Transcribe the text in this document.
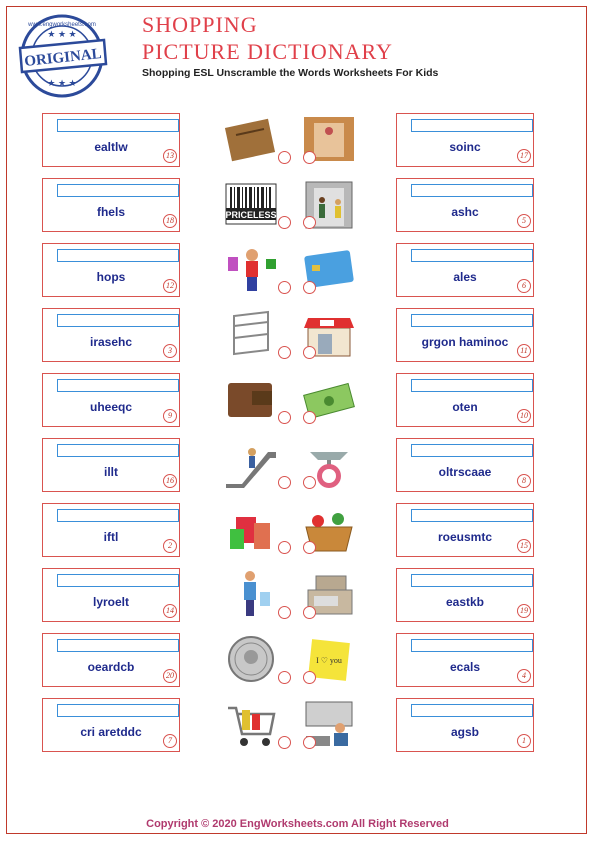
ORIGINAL
www.engworksheets.com
★ ★ ★
★ ★ ★
SHOPPING
PICTURE DICTIONARY
Shopping ESL Unscramble the Words Worksheets For Kids
ealtlw
13
soinc
17
fhels
18
ashc
5
hops
12
ales
6
irasehc
3
grgon haminoc
11
uheeqc
9
oten
10
illt
16
oltrscaae
8
iftl
2
roeusmtc
15
lyroelt
14
eastkb
19
oeardcb
20
ecals
4
cri aretddc
7
agsb
1
PRICELESS
I ♡ you
Copyright © 2020 EngWorksheets.com All Right Reserved
